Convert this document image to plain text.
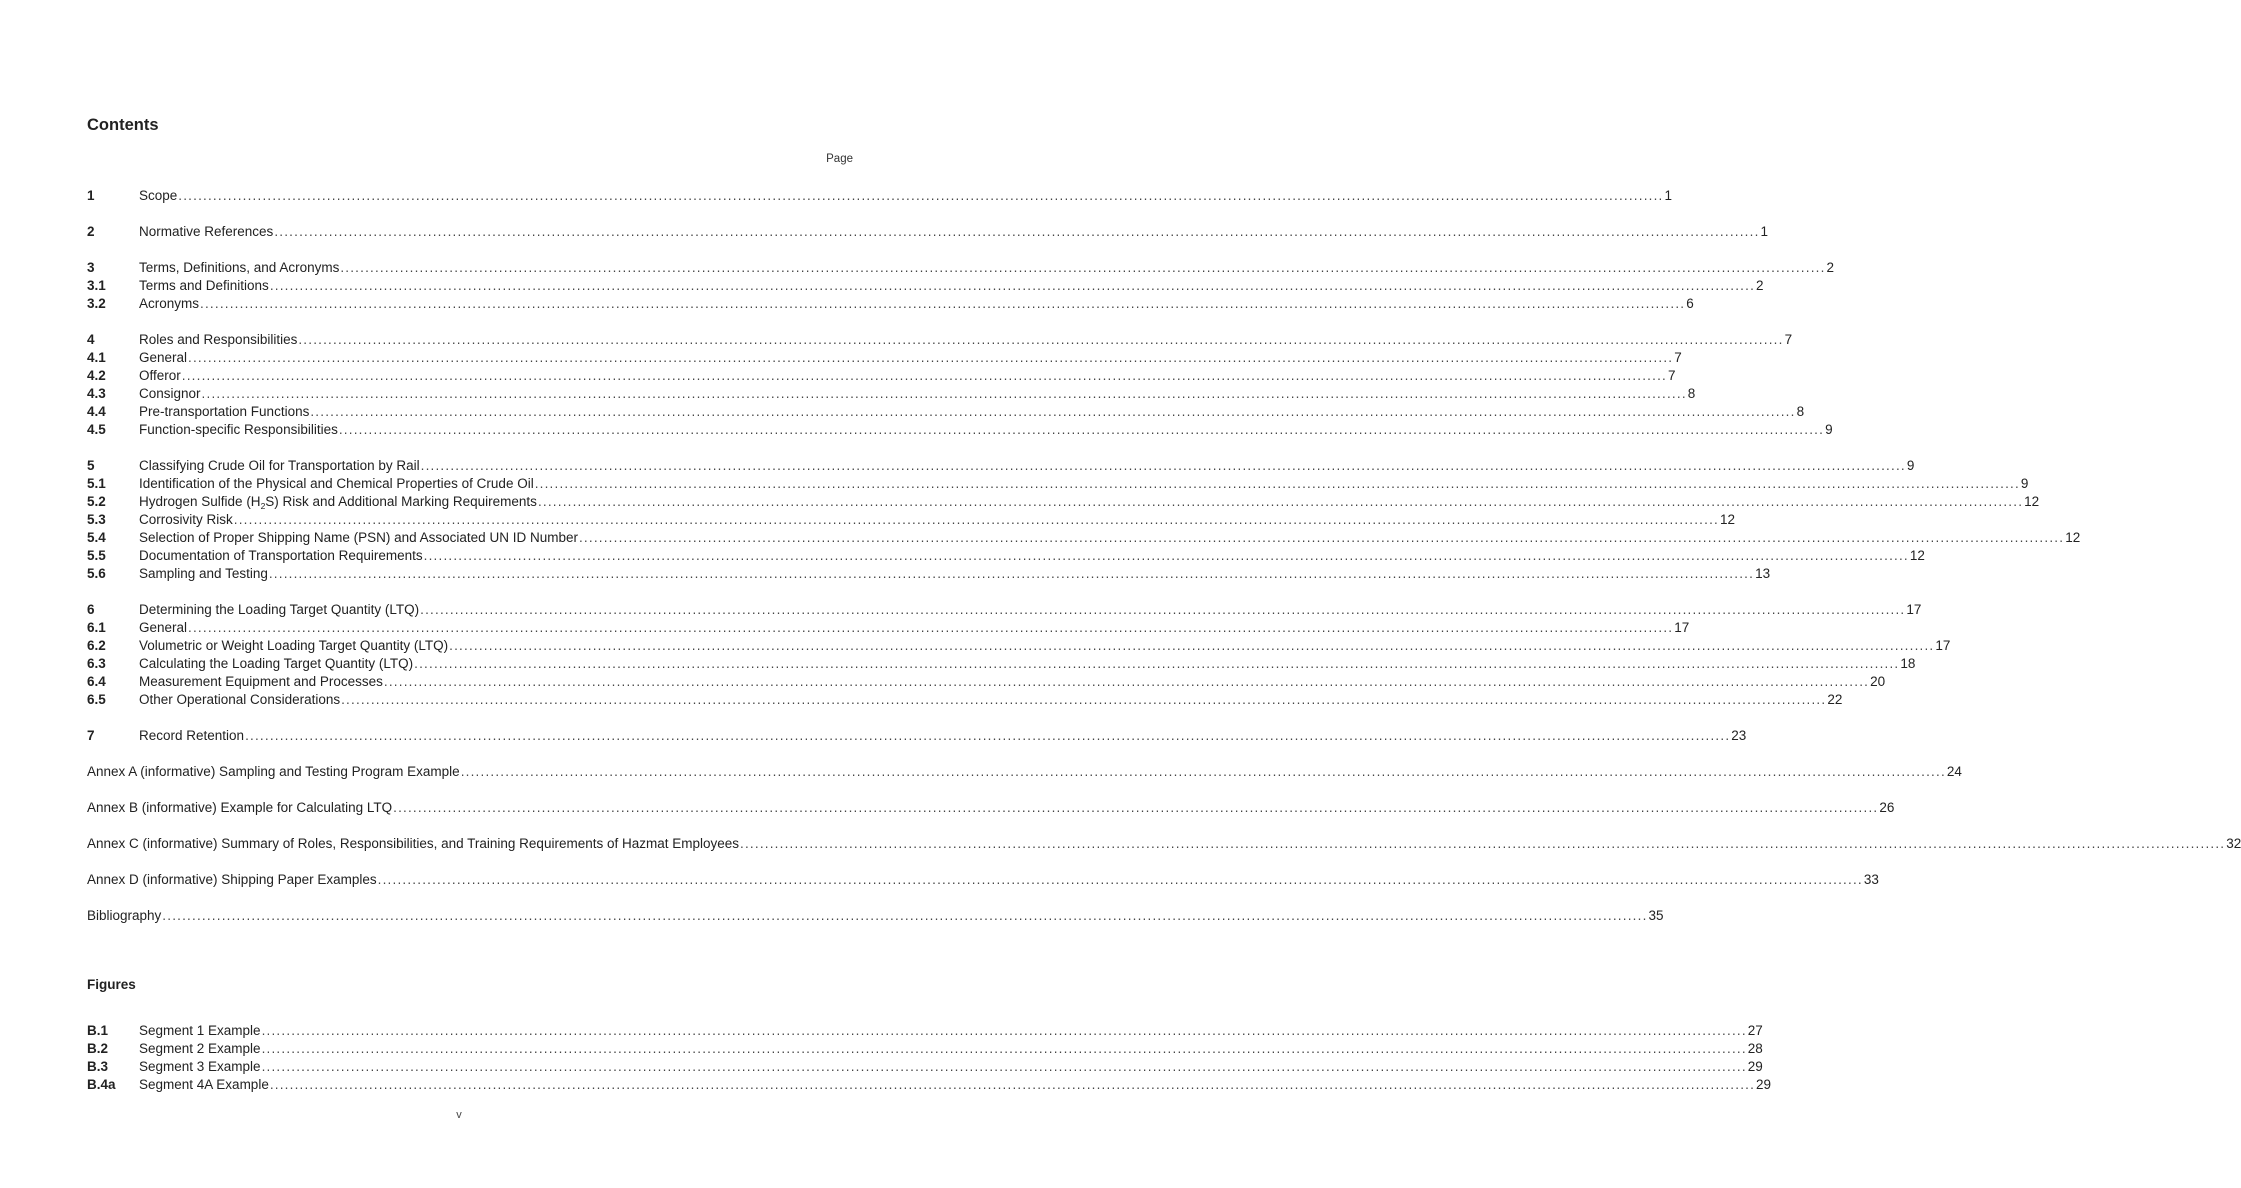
Contents
Page
1	Scope ............................................................................................................................................................................................................................................................................................................ 1
2	Normative References ............................................................................................................................................................................................................................................................................................................ 1
3	Terms, Definitions, and Acronyms ............................................................................................................................................................................................................................................................................................................ 2
3.1	Terms and Definitions ............................................................................................................................................................................................................................................................................................................ 2
3.2	Acronyms ............................................................................................................................................................................................................................................................................................................ 6
4	Roles and Responsibilities ............................................................................................................................................................................................................................................................................................................ 7
4.1	General ............................................................................................................................................................................................................................................................................................................ 7
4.2	Offeror ............................................................................................................................................................................................................................................................................................................ 7
4.3	Consignor ............................................................................................................................................................................................................................................................................................................ 8
4.4	Pre-transportation Functions ............................................................................................................................................................................................................................................................................................................ 8
4.5	Function-specific Responsibilities ............................................................................................................................................................................................................................................................................................................ 9
5	Classifying Crude Oil for Transportation by Rail ............................................................................................................................................................................................................................................................................................................ 9
5.1	Identification of the Physical and Chemical Properties of Crude Oil ............................................................................................................................................................................................................................................................................................................ 9
5.2	Hydrogen Sulfide $(H_2S)$ Risk and Additional Marking Requirements ............................................................................................................................................................................................................................................................................................................ 12
5.3	Corrosivity Risk ............................................................................................................................................................................................................................................................................................................ 12
5.4	Selection of Proper Shipping Name (PSN) and Associated UN ID Number ............................................................................................................................................................................................................................................................................................................ 12
5.5	Documentation of Transportation Requirements ............................................................................................................................................................................................................................................................................................................ 12
5.6	Sampling and Testing ............................................................................................................................................................................................................................................................................................................ 13
6	Determining the Loading Target Quantity (LTQ) ............................................................................................................................................................................................................................................................................................................ 17
6.1	General ............................................................................................................................................................................................................................................................................................................ 17
6.2	Volumetric or Weight Loading Target Quantity (LTQ) ............................................................................................................................................................................................................................................................................................................ 17
6.3	Calculating the Loading Target Quantity (LTQ) ............................................................................................................................................................................................................................................................................................................ 18
6.4	Measurement Equipment and Processes ............................................................................................................................................................................................................................................................................................................ 20
6.5	Other Operational Considerations ............................................................................................................................................................................................................................................................................................................ 22
7	Record Retention ............................................................................................................................................................................................................................................................................................................ 23
Annex A (informative) Sampling and Testing Program Example ............................................................................................................................................................................................................................................................................................................ 24
Annex B (informative) Example for Calculating LTQ ............................................................................................................................................................................................................................................................................................................ 26
Annex C (informative) Summary of Roles, Responsibilities, and Training Requirements of Hazmat Employees ............................................................................................................................................................................................................................................................................................................ 32
Annex D (informative) Shipping Paper Examples ............................................................................................................................................................................................................................................................................................................ 33
Bibliography ............................................................................................................................................................................................................................................................................................................ 35
Figures
B.1	Segment 1 Example ............................................................................................................................................................................................................................................................................................................ 27
B.2	Segment 2 Example ............................................................................................................................................................................................................................................................................................................ 28
B.3	Segment 3 Example ............................................................................................................................................................................................................................................................................................................ 29
B.4a	Segment 4A Example ............................................................................................................................................................................................................................................................................................................ 29
v
